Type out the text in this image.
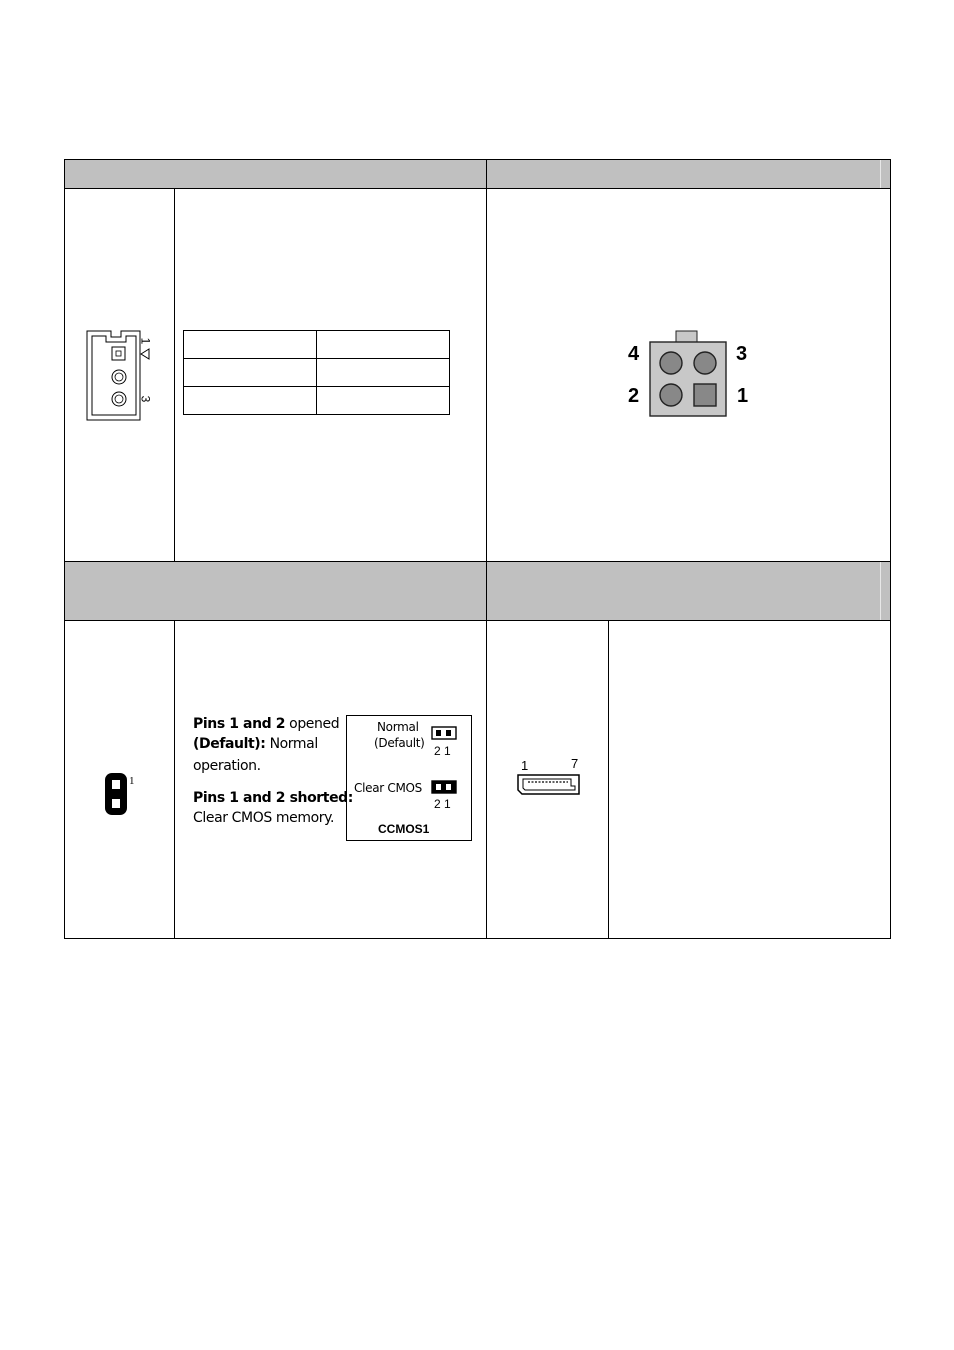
1
3

4	3
2	1
1
Pins 1 and 2 opened
(Default): Normal
operation.
Pins 1 and 2 shorted:
Clear CMOS memory.
Normal
(Default)
2 1
Clear CMOS
2 1
CCMOS1
1	7
